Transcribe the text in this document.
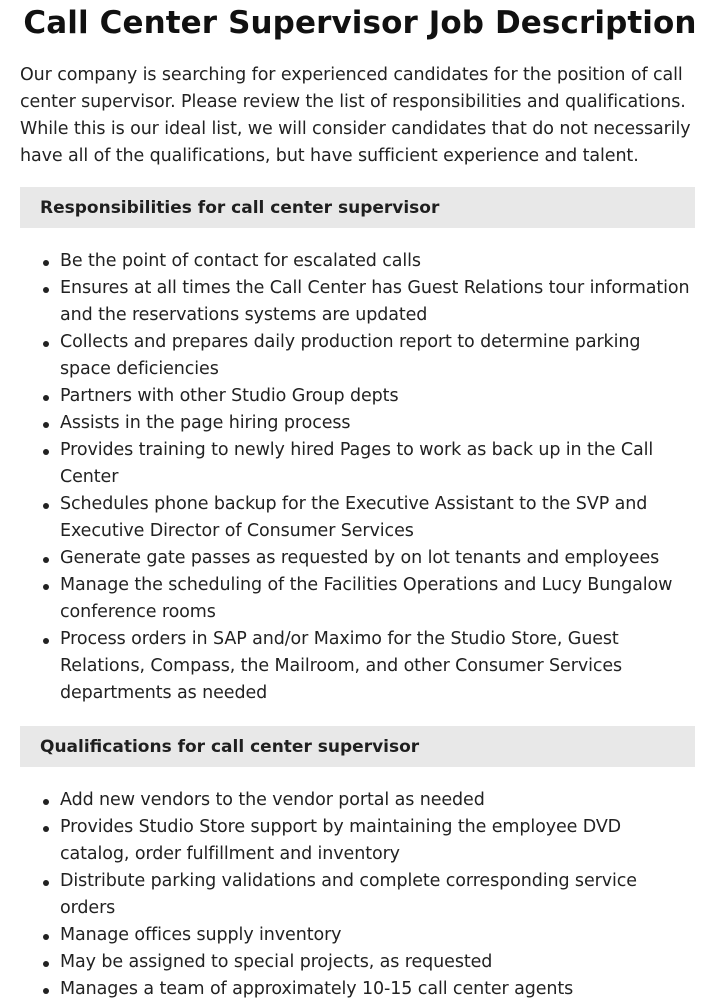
Call Center Supervisor Job Description

Our company is searching for experienced candidates for the position of call center supervisor. Please review the list of responsibilities and qualifications. While this is our ideal list, we will consider candidates that do not necessarily have all of the qualifications, but have sufficient experience and talent.

Responsibilities for call center supervisor
Be the point of contact for escalated calls
Ensures at all times the Call Center has Guest Relations tour information and the reservations systems are updated
Collects and prepares daily production report to determine parking space deficiencies
Partners with other Studio Group depts
Assists in the page hiring process
Provides training to newly hired Pages to work as back up in the Call Center
Schedules phone backup for the Executive Assistant to the SVP and Executive Director of Consumer Services
Generate gate passes as requested by on lot tenants and employees
Manage the scheduling of the Facilities Operations and Lucy Bungalow conference rooms
Process orders in SAP and/or Maximo for the Studio Store, Guest Relations, Compass, the Mailroom, and other Consumer Services departments as needed
Qualifications for call center supervisor
Add new vendors to the vendor portal as needed
Provides Studio Store support by maintaining the employee DVD catalog, order fulfillment and inventory
Distribute parking validations and complete corresponding service orders
Manage offices supply inventory
May be assigned to special projects, as requested
Manages a team of approximately 10-15 call center agents
